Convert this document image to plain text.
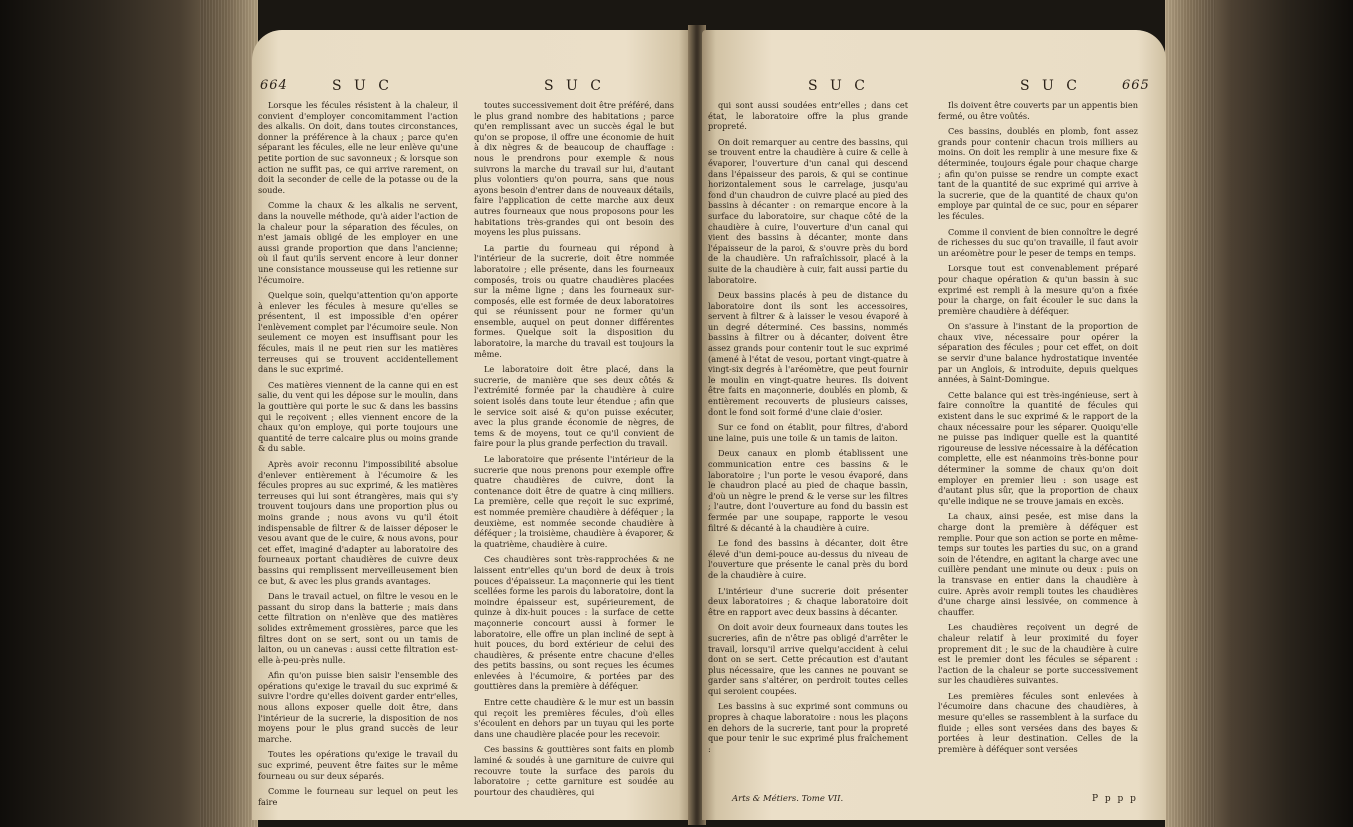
664	S U C	S U C

Lorsque les fécules résistent à la chaleur, il convient d'employer concomitamment l'action des alkalis. On doit, dans toutes circonstances, donner la préférence à la chaux ; parce qu'en séparant les fécules, elle ne leur enlève qu'une petite portion de suc savonneux ; & lorsque son action ne suffit pas, ce qui arrive rarement, on doit la seconder de celle de la potasse ou de la soude.

Comme la chaux & les alkalis ne servent, dans la nouvelle méthode, qu'à aider l'action de la chaleur pour la séparation des fécules, on n'est jamais obligé de les employer en une aussi grande proportion que dans l'ancienne; où il faut qu'ils servent encore à leur donner une consistance mousseuse qui les retienne sur l'écumoire.

Quelque soin, quelqu'attention qu'on apporte à enlever les fécules à mesure qu'elles se présentent, il est impossible d'en opérer l'enlèvement complet par l'écumoire seule. Non seulement ce moyen est insuffisant pour les fécules, mais il ne peut rien sur les matières terreuses qui se trouvent accidentellement dans le suc exprimé.

Ces matières viennent de la canne qui en est salie, du vent qui les dépose sur le moulin, dans la gouttière qui porte le suc & dans les bassins qui le reçoivent ; elles viennent encore de la chaux qu'on employe, qui porte toujours une quantité de terre calcaire plus ou moins grande & du sable.

Après avoir reconnu l'impossibilité absolue d'enlever entièrement à l'écumoire & les fécules propres au suc exprimé, & les matières terreuses qui lui sont étrangères, mais qui s'y trouvent toujours dans une proportion plus ou moins grande ; nous avons vu qu'il étoit indispensable de filtrer & de laisser déposer le vesou avant que de le cuire, & nous avons, pour cet effet, imaginé d'adapter au laboratoire des fourneaux portant chaudières de cuivre deux bassins qui remplissent merveilleusement bien ce but, & avec les plus grands avantages.

Dans le travail actuel, on filtre le vesou en le passant du sirop dans la batterie ; mais dans cette filtration on n'enlève que des matières solides extrêmement grossières, parce que les filtres dont on se sert, sont ou un tamis de laiton, ou un canevas : aussi cette filtration est-elle à-peu-près nulle.

Afin qu'on puisse bien saisir l'ensemble des opérations qu'exige le travail du suc exprimé & suivre l'ordre qu'elles doivent garder entr'elles, nous allons exposer quelle doit être, dans l'intérieur de la sucrerie, la disposition de nos moyens pour le plus grand succès de leur marche.

Toutes les opérations qu'exige le travail du suc exprimé, peuvent être faites sur le même fourneau ou sur deux séparés.

Comme le fourneau sur lequel on peut les faire

toutes successivement doit être préféré, dans le plus grand nombre des habitations ; parce qu'en remplissant avec un succès égal le but qu'on se propose, il offre une économie de huit à dix nègres & de beaucoup de chauffage : nous le prendrons pour exemple & nous suivrons la marche du travail sur lui, d'autant plus volontiers qu'on pourra, sans que nous ayons besoin d'entrer dans de nouveaux détails, faire l'application de cette marche aux deux autres fourneaux que nous proposons pour les habitations très-grandes qui ont besoin des moyens les plus puissans.

La partie du fourneau qui répond à l'intérieur de la sucrerie, doit être nommée laboratoire ; elle présente, dans les fourneaux composés, trois ou quatre chaudières placées sur la même ligne ; dans les fourneaux sur-composés, elle est formée de deux laboratoires qui se réunissent pour ne former qu'un ensemble, auquel on peut donner différentes formes. Quelque soit la disposition du laboratoire, la marche du travail est toujours la même.

Le laboratoire doit être placé, dans la sucrerie, de manière que ses deux côtés & l'extrémité formée par la chaudière à cuire soient isolés dans toute leur étendue ; afin que le service soit aisé & qu'on puisse exécuter, avec la plus grande économie de nègres, de tems & de moyens, tout ce qu'il convient de faire pour la plus grande perfection du travail.

Le laboratoire que présente l'intérieur de la sucrerie que nous prenons pour exemple offre quatre chaudières de cuivre, dont la contenance doit être de quatre à cinq milliers. La première, celle que reçoit le suc exprimé, est nommée première chaudière à déféquer ; la deuxième, est nommée seconde chaudière à déféquer ; la troisième, chaudière à évaporer, & la quatrième, chaudière à cuire.

Ces chaudières sont très-rapprochées & ne laissent entr'elles qu'un bord de deux à trois pouces d'épaisseur. La maçonnerie qui les tient scellées forme les parois du laboratoire, dont la moindre épaisseur est, supérieurement, de quinze à dix-huit pouces : la surface de cette maçonnerie concourt aussi à former le laboratoire, elle offre un plan incliné de sept à huit pouces, du bord extérieur de celui des chaudières, & présente entre chacune d'elles des petits bassins, ou sont reçues les écumes enlevées à l'écumoire, & portées par des gouttières dans la première à déféquer.

Entre cette chaudière & le mur est un bassin qui reçoit les premières fécules, d'où elles s'écoulent en dehors par un tuyau qui les porte dans une chaudière placée pour les recevoir.

Ces bassins & gouttières sont faits en plomb laminé & soudés à une garniture de cuivre qui recouvre toute la surface des parois du laboratoire ; cette garniture est soudée au pourtour des chaudières, qui

S U C	S U C	665

qui sont aussi soudées entr'elles ; dans cet état, le laboratoire offre la plus grande propreté.

On doit remarquer au centre des bassins, qui se trouvent entre la chaudière à cuire & celle à évaporer, l'ouverture d'un canal qui descend dans l'épaisseur des parois, & qui se continue horizontalement sous le carrelage, jusqu'au fond d'un chaudron de cuivre placé au pied des bassins à décanter : on remarque encore à la surface du laboratoire, sur chaque côté de la chaudière à cuire, l'ouverture d'un canal qui vient des bassins à décanter, monte dans l'épaisseur de la paroi, & s'ouvre près du bord de la chaudière. Un rafraîchissoir, placé à la suite de la chaudière à cuir, fait aussi partie du laboratoire.

Deux bassins placés à peu de distance du laboratoire dont ils sont les accessoires, servent à filtrer & à laisser le vesou évaporé à un degré déterminé. Ces bassins, nommés bassins à filtrer ou à décanter, doivent être assez grands pour contenir tout le suc exprimé (amené à l'état de vesou, portant vingt-quatre à vingt-six degrés à l'aréomètre, que peut fournir le moulin en vingt-quatre heures. Ils doivent être faits en maçonnerie, doublés en plomb, & entièrement recouverts de plusieurs caisses, dont le fond soit formé d'une claie d'osier.

Sur ce fond on établit, pour filtres, d'abord une laine, puis une toile & un tamis de laiton.

Deux canaux en plomb établissent une communication entre ces bassins & le laboratoire ; l'un porte le vesou évaporé, dans le chaudron placé au pied de chaque bassin, d'où un nègre le prend & le verse sur les filtres ; l'autre, dont l'ouverture au fond du bassin est fermée par une soupape, rapporte le vesou filtré & décanté à la chaudière à cuire.

Le fond des bassins à décanter, doit être élevé d'un demi-pouce au-dessus du niveau de l'ouverture que présente le canal près du bord de la chaudière à cuire.

L'intérieur d'une sucrerie doit présenter deux laboratoires ; & chaque laboratoire doit être en rapport avec deux bassins à décanter.

On doit avoir deux fourneaux dans toutes les sucreries, afin de n'être pas obligé d'arrêter le travail, lorsqu'il arrive quelqu'accident à celui dont on se sert. Cette précaution est d'autant plus nécessaire, que les cannes ne pouvant se garder sans s'altérer, on perdroit toutes celles qui seroient coupées.

Les bassins à suc exprimé sont communs ou propres à chaque laboratoire : nous les plaçons en dehors de la sucrerie, tant pour la propreté que pour tenir le suc exprimé plus fraîchement :

Ils doivent être couverts par un appentis bien fermé, ou être voûtés.

Ces bassins, doublés en plomb, font assez grands pour contenir chacun trois milliers au moins. On doit les remplir à une mesure fixe & déterminée, toujours égale pour chaque charge ; afin qu'on puisse se rendre un compte exact tant de la quantité de suc exprimé qui arrive à la sucrerie, que de la quantité de chaux qu'on employe par quintal de ce suc, pour en séparer les fécules.

Comme il convient de bien connoître le degré de richesses du suc qu'on travaille, il faut avoir un aréomètre pour le peser de temps en temps.

Lorsque tout est convenablement préparé pour chaque opération & qu'un bassin à suc exprimé est rempli à la mesure qu'on a fixée pour la charge, on fait écouler le suc dans la première chaudière à déféquer.

On s'assure à l'instant de la proportion de chaux vive, nécessaire pour opérer la séparation des fécules ; pour cet effet, on doit se servir d'une balance hydrostatique inventée par un Anglois, & introduite, depuis quelques années, à Saint-Domingue.

Cette balance qui est très-ingénieuse, sert à faire connoître la quantité de fécules qui existent dans le suc exprimé & le rapport de la chaux nécessaire pour les séparer. Quoiqu'elle ne puisse pas indiquer quelle est la quantité rigoureuse de lessive nécessaire à la défécation complette, elle est néanmoins très-bonne pour déterminer la somme de chaux qu'on doit employer en premier lieu : son usage est d'autant plus sûr, que la proportion de chaux qu'elle indique ne se trouve jamais en excès.

La chaux, ainsi pesée, est mise dans la charge dont la première à déféquer est remplie. Pour que son action se porte en même-temps sur toutes les parties du suc, on a grand soin de l'étendre, en agitant la charge avec une cuillère pendant une minute ou deux : puis on la transvase en entier dans la chaudière à cuire. Après avoir rempli toutes les chaudières d'une charge ainsi lessivée, on commence à chauffer.

Les chaudières reçoivent un degré de chaleur relatif à leur proximité du foyer proprement dit ; le suc de la chaudière à cuire est le premier dont les fécules se séparent : l'action de la chaleur se porte successivement sur les chaudières suivantes.

Les premières fécules sont enlevées à l'écumoire dans chacune des chaudières, à mesure qu'elles se rassemblent à la surface du fluide ; elles sont versées dans des bayes & portées à leur destination. Celles de la première à déféquer sont versées

Arts & Métiers. Tome VII.	P p p p
